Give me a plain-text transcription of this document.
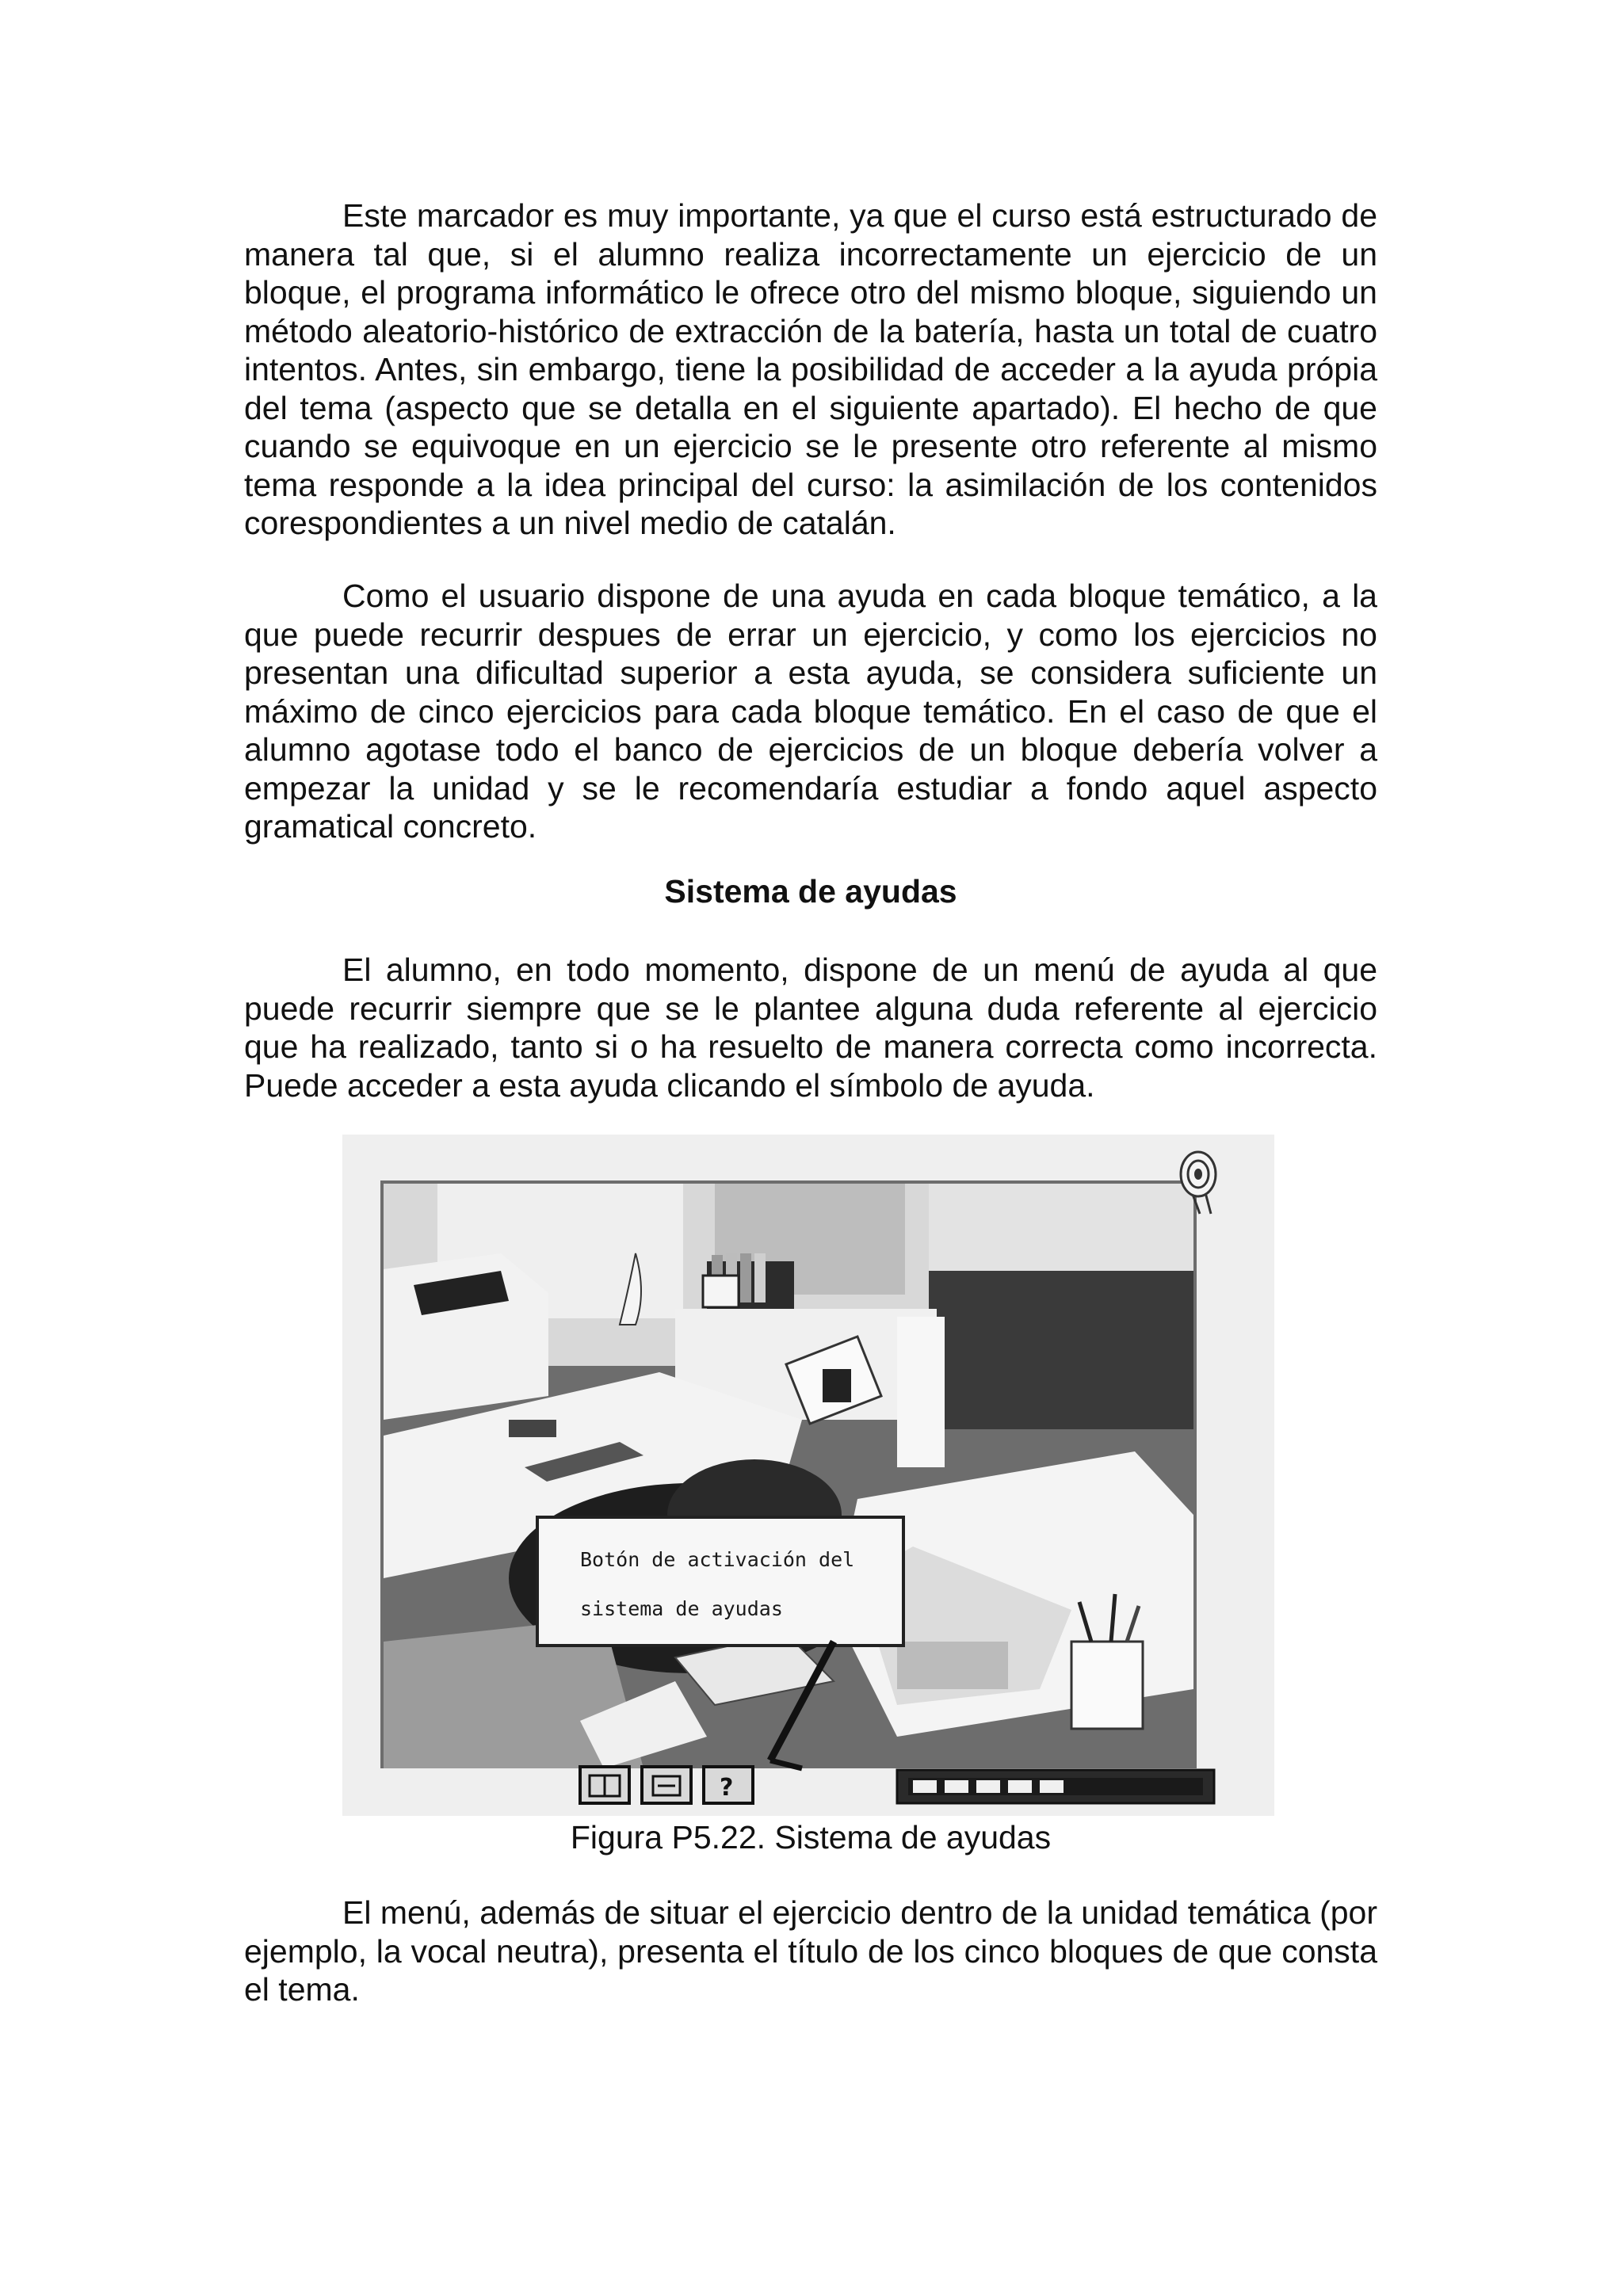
Este marcador es muy importante, ya que el curso está estructurado de manera tal que, si el alumno realiza incorrectamente un ejercicio de un bloque, el programa informático le ofrece otro del mismo bloque, siguiendo un método aleatorio-histórico de extracción de la batería, hasta un total de cuatro intentos. Antes, sin embargo, tiene la posibilidad de acceder a la ayuda própia del tema (aspecto que se detalla en el siguiente apartado). El hecho de que cuando se equivoque en un ejercicio se le presente otro referente al mismo tema responde a la idea principal del curso: la asimilación de los contenidos corespondientes a un nivel medio de catalán.

Como el usuario dispone de una ayuda en cada bloque temático, a la que puede recurrir despues de errar un ejercicio, y como los ejercicios no presentan una dificultad superior a esta ayuda, se considera suficiente un máximo de cinco ejercicios para cada bloque temático. En el caso de que el alumno agotase todo el banco de ejercicios de un bloque debería volver a empezar la unidad y se le recomendaría estudiar a fondo aquel aspecto gramatical concreto.

Sistema de ayudas

El alumno, en todo momento, dispone de un menú de ayuda al que puede recurrir siempre que se le plantee alguna duda referente al ejercicio que ha realizado, tanto si o ha resuelto de manera correcta como incorrecta. Puede acceder a esta ayuda clicando el símbolo de ayuda.

Botón de activación del
sistema de ayudas
?

Figura P5.22. Sistema de ayudas

El menú, además de situar el ejercicio dentro de la unidad temática (por ejemplo, la vocal neutra), presenta el título de los cinco bloques de que consta el tema.
